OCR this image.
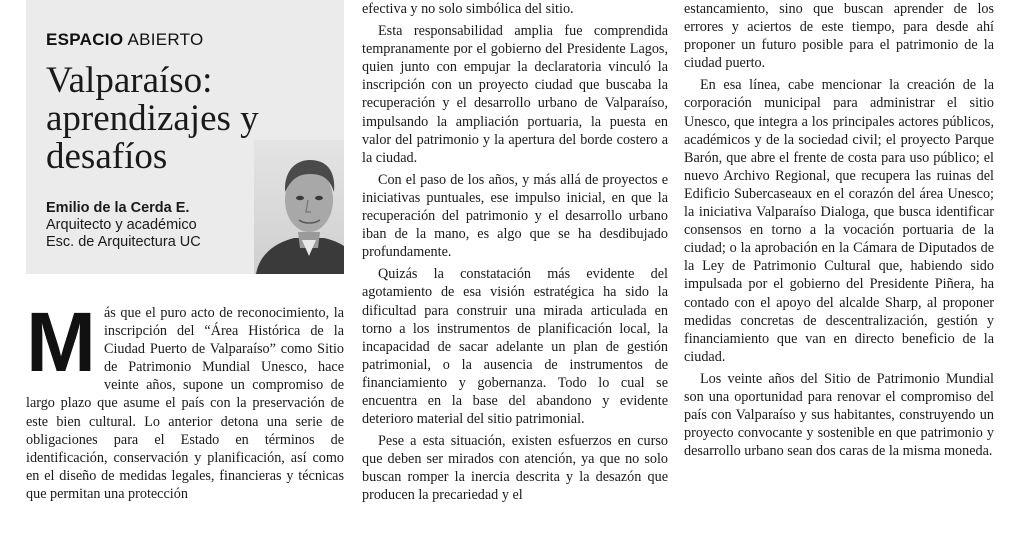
ESPACIO ABIERTO
Valparaíso:
aprendizajes y
desafíos
Emilio de la Cerda E.
Arquitecto y académico
Esc. de Arquitectura UC
M ás que el puro acto de reconocimiento, la inscripción del “Área Histórica de la Ciudad Puerto de Valparaíso” como Sitio de Patrimonio Mundial Unesco, hace veinte años, supone un compromiso de largo plazo que asume el país con la preservación de este bien cultural. Lo anterior detona una serie de obligaciones para el Estado en términos de identificación, conservación y planificación, así como en el diseño de medidas legales, financieras y técnicas que permitan una protección

efectiva y no solo simbólica del sitio.

Esta responsabilidad amplia fue comprendida tempranamente por el gobierno del Presidente Lagos, quien junto con empujar la declaratoria vinculó la inscripción con un proyecto ciudad que buscaba la recuperación y el desarrollo urbano de Valparaíso, impulsando la ampliación portuaria, la puesta en valor del patrimonio y la apertura del borde costero a la ciudad.

Con el paso de los años, y más allá de proyectos e iniciativas puntuales, ese impulso inicial, en que la recuperación del patrimonio y el desarrollo urbano iban de la mano, es algo que se ha desdibujado profundamente.

Quizás la constatación más evidente del agotamiento de esa visión estratégica ha sido la dificultad para construir una mirada articulada en torno a los instrumentos de planificación local, la incapacidad de sacar adelante un plan de gestión patrimonial, o la ausencia de instrumentos de financiamiento y gobernanza. Todo lo cual se encuentra en la base del abandono y evidente deterioro material del sitio patrimonial.

Pese a esta situación, existen esfuerzos en curso que deben ser mirados con atención, ya que no solo buscan romper la inercia descrita y la desazón que producen la precariedad y el

estancamiento, sino que buscan aprender de los errores y aciertos de este tiempo, para desde ahí proponer un futuro posible para el patrimonio de la ciudad puerto.

En esa línea, cabe mencionar la creación de la corporación municipal para administrar el sitio Unesco, que integra a los principales actores públicos, académicos y de la sociedad civil; el proyecto Parque Barón, que abre el frente de costa para uso público; el nuevo Archivo Regional, que recupera las ruinas del Edificio Subercaseaux en el corazón del área Unesco; la iniciativa Valparaíso Dialoga, que busca identificar consensos en torno a la vocación portuaria de la ciudad; o la aprobación en la Cámara de Diputados de la Ley de Patrimonio Cultural que, habiendo sido impulsada por el gobierno del Presidente Piñera, ha contado con el apoyo del alcalde Sharp, al proponer medidas concretas de descentralización, gestión y financiamiento que van en directo beneficio de la ciudad.

Los veinte años del Sitio de Patrimonio Mundial son una oportunidad para renovar el compromiso del país con Valparaíso y sus habitantes, construyendo un proyecto convocante y sostenible en que patrimonio y desarrollo urbano sean dos caras de la misma moneda.
